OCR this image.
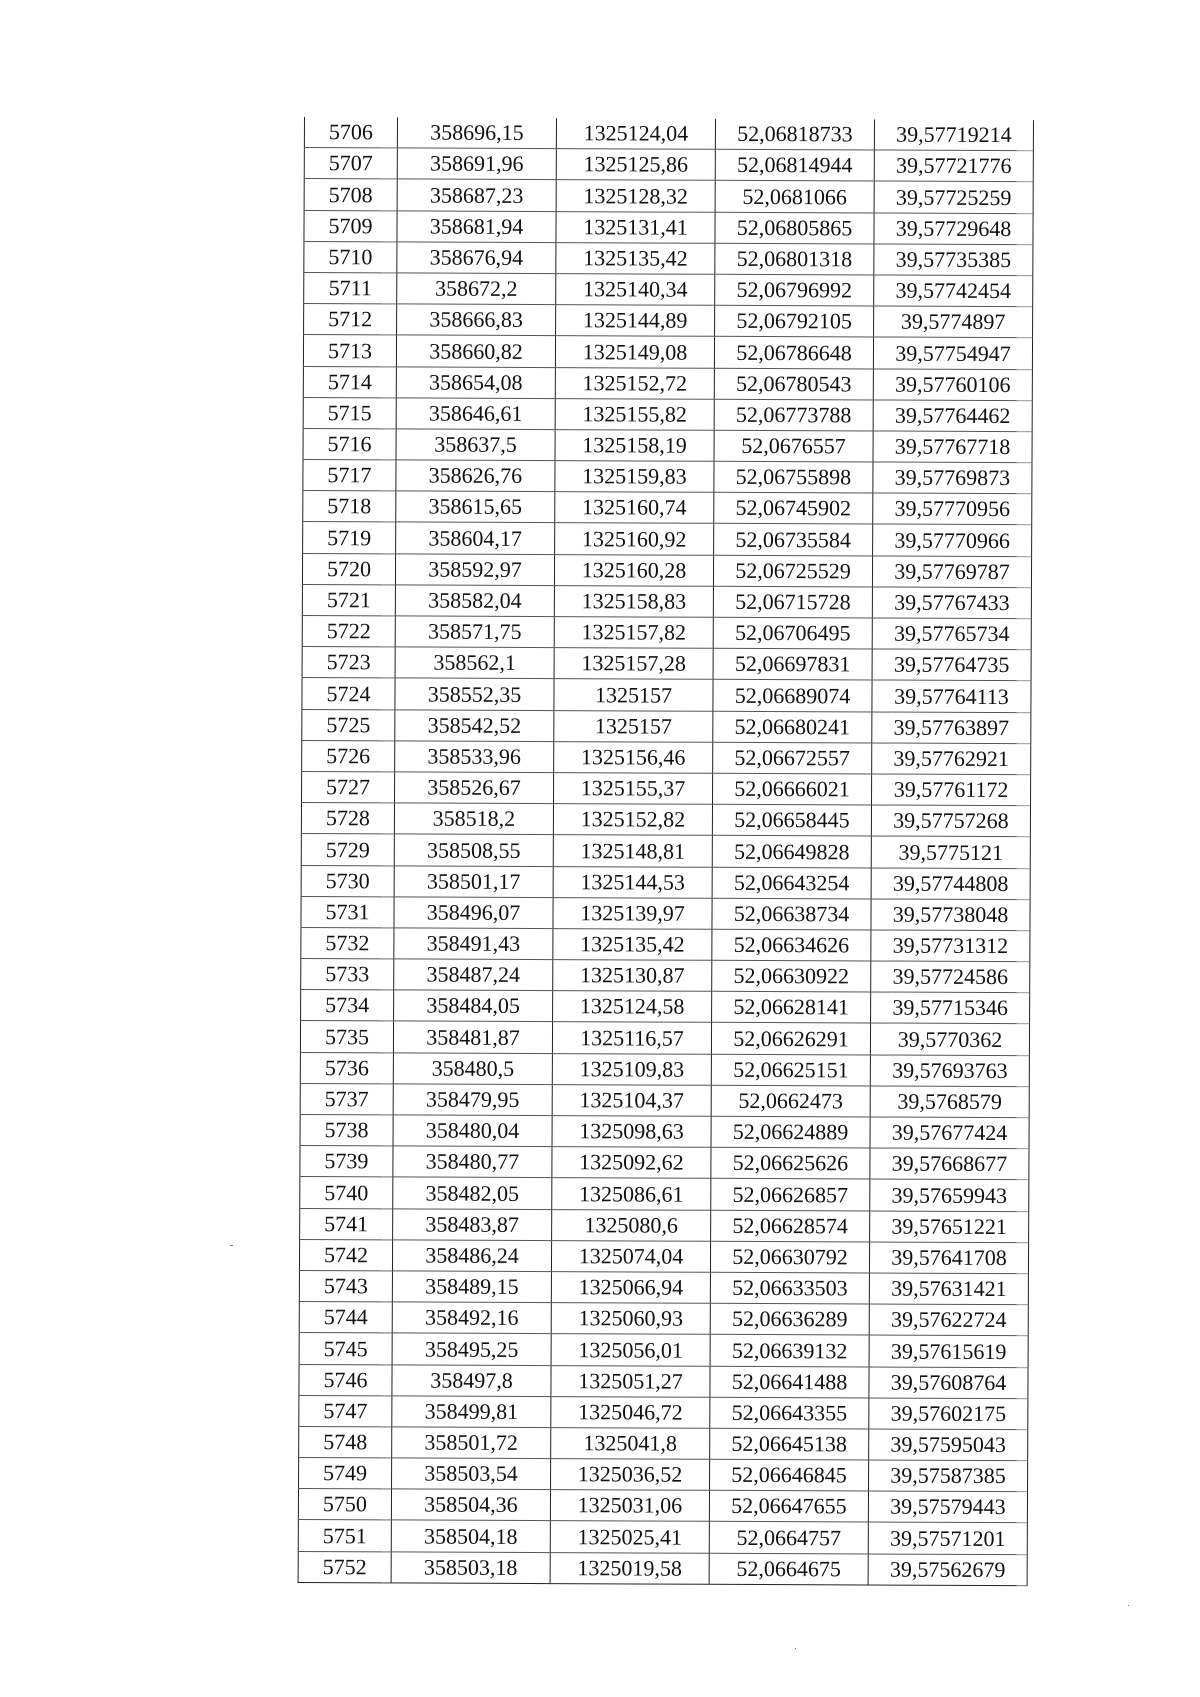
5706	358696,15	1325124,04	52,06818733	39,57719214
5707	358691,96	1325125,86	52,06814944	39,57721776
5708	358687,23	1325128,32	52,0681066	39,57725259
5709	358681,94	1325131,41	52,06805865	39,57729648
5710	358676,94	1325135,42	52,06801318	39,57735385
5711	358672,2	1325140,34	52,06796992	39,57742454
5712	358666,83	1325144,89	52,06792105	39,5774897
5713	358660,82	1325149,08	52,06786648	39,57754947
5714	358654,08	1325152,72	52,06780543	39,57760106
5715	358646,61	1325155,82	52,06773788	39,57764462
5716	358637,5	1325158,19	52,0676557	39,57767718
5717	358626,76	1325159,83	52,06755898	39,57769873
5718	358615,65	1325160,74	52,06745902	39,57770956
5719	358604,17	1325160,92	52,06735584	39,57770966
5720	358592,97	1325160,28	52,06725529	39,57769787
5721	358582,04	1325158,83	52,06715728	39,57767433
5722	358571,75	1325157,82	52,06706495	39,57765734
5723	358562,1	1325157,28	52,06697831	39,57764735
5724	358552,35	1325157	52,06689074	39,57764113
5725	358542,52	1325157	52,06680241	39,57763897
5726	358533,96	1325156,46	52,06672557	39,57762921
5727	358526,67	1325155,37	52,06666021	39,57761172
5728	358518,2	1325152,82	52,06658445	39,57757268
5729	358508,55	1325148,81	52,06649828	39,5775121
5730	358501,17	1325144,53	52,06643254	39,57744808
5731	358496,07	1325139,97	52,06638734	39,57738048
5732	358491,43	1325135,42	52,06634626	39,57731312
5733	358487,24	1325130,87	52,06630922	39,57724586
5734	358484,05	1325124,58	52,06628141	39,57715346
5735	358481,87	1325116,57	52,06626291	39,5770362
5736	358480,5	1325109,83	52,06625151	39,57693763
5737	358479,95	1325104,37	52,0662473	39,5768579
5738	358480,04	1325098,63	52,06624889	39,57677424
5739	358480,77	1325092,62	52,06625626	39,57668677
5740	358482,05	1325086,61	52,06626857	39,57659943
5741	358483,87	1325080,6	52,06628574	39,57651221
5742	358486,24	1325074,04	52,06630792	39,57641708
5743	358489,15	1325066,94	52,06633503	39,57631421
5744	358492,16	1325060,93	52,06636289	39,57622724
5745	358495,25	1325056,01	52,06639132	39,57615619
5746	358497,8	1325051,27	52,06641488	39,57608764
5747	358499,81	1325046,72	52,06643355	39,57602175
5748	358501,72	1325041,8	52,06645138	39,57595043
5749	358503,54	1325036,52	52,06646845	39,57587385
5750	358504,36	1325031,06	52,06647655	39,57579443
5751	358504,18	1325025,41	52,0664757	39,57571201
5752	358503,18	1325019,58	52,0664675	39,57562679
